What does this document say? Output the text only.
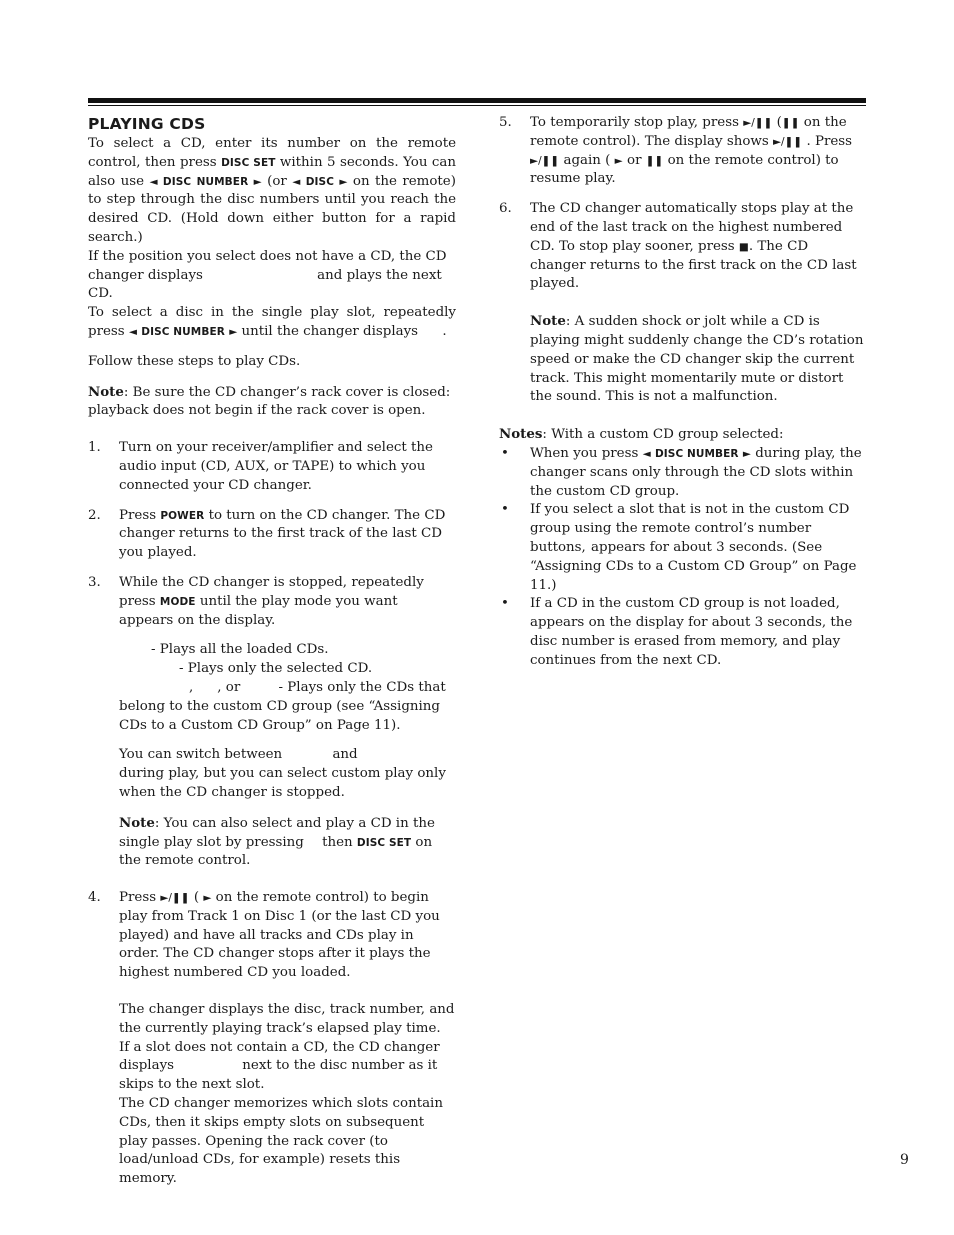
PLAYING CDS

To select a CD, enter its number on the remote control, then press DISC SET within 5 seconds. You can also use ◄ DISC NUMBER ► (or ◄ DISC ► on the remote) to step through the disc numbers until you reach the desired CD. (Hold down either button for a rapid search.)

If the position you select does not have a CD, the CD changer displays	and plays the next CD.

To select a disc in the single play slot, repeatedly press ◄ DISC NUMBER ► until the changer displays .

Follow these steps to play CDs.

Note: Be sure the CD changer’s rack cover is closed: playback does not begin if the rack cover is open.

1. Turn on your receiver/amplifier and select the audio input (CD, AUX, or TAPE) to which you connected your CD changer.

2. Press POWER to turn on the CD changer. The CD changer returns to the first track of the last CD you played.

3. While the CD changer is stopped, repeatedly press MODE until the play mode you want appears on the display.

- Plays all the loaded CDs.

- Plays only the selected CD.

, , or	- Plays only the CDs that belong to the custom CD group (see “Assigning CDs to a Custom CD Group” on Page 11).

You can switch between	and during play, but you can select custom play only when the CD changer is stopped.

Note: You can also select and play a CD in the single play slot by pressing then DISC SET on the remote control.

4. Press ►/❚❚ ( ► on the remote control) to begin play from Track 1 on Disc 1 (or the last CD you played) and have all tracks and CDs play in order. The CD changer stops after it plays the highest numbered CD you loaded.

The changer displays the disc, track number, and the currently playing track’s elapsed play time.

If a slot does not contain a CD, the CD changer displays	next to the disc number as it skips to the next slot.

The CD changer memorizes which slots contain CDs, then it skips empty slots on subsequent play passes. Opening the rack cover (to load/unload CDs, for example) resets this memory.

5. To temporarily stop play, press ►/❚❚ (❚❚ on the remote control). The display shows ►/❚❚ . Press ►/❚❚ again ( ► or ❚❚ on the remote control) to resume play.

6. The CD changer automatically stops play at the end of the last track on the highest numbered CD. To stop play sooner, press ■. The CD changer returns to the first track on the CD last played.

Note: A sudden shock or jolt while a CD is playing might suddenly change the CD’s rotation speed or make the CD changer skip the current track. This might momentarily mute or distort the sound. This is not a malfunction.

Notes: With a custom CD group selected:

• When you press ◄ DISC NUMBER ► during play, the changer scans only through the CD slots within the custom CD group.

• If you select a slot that is not in the custom CD group using the remote control’s number buttons, appears for about 3 seconds. (See “Assigning CDs to a Custom CD Group” on Page 11.)

• If a CD in the custom CD group is not loaded, appears on the display for about 3 seconds, the disc number is erased from memory, and play continues from the next CD.

9
